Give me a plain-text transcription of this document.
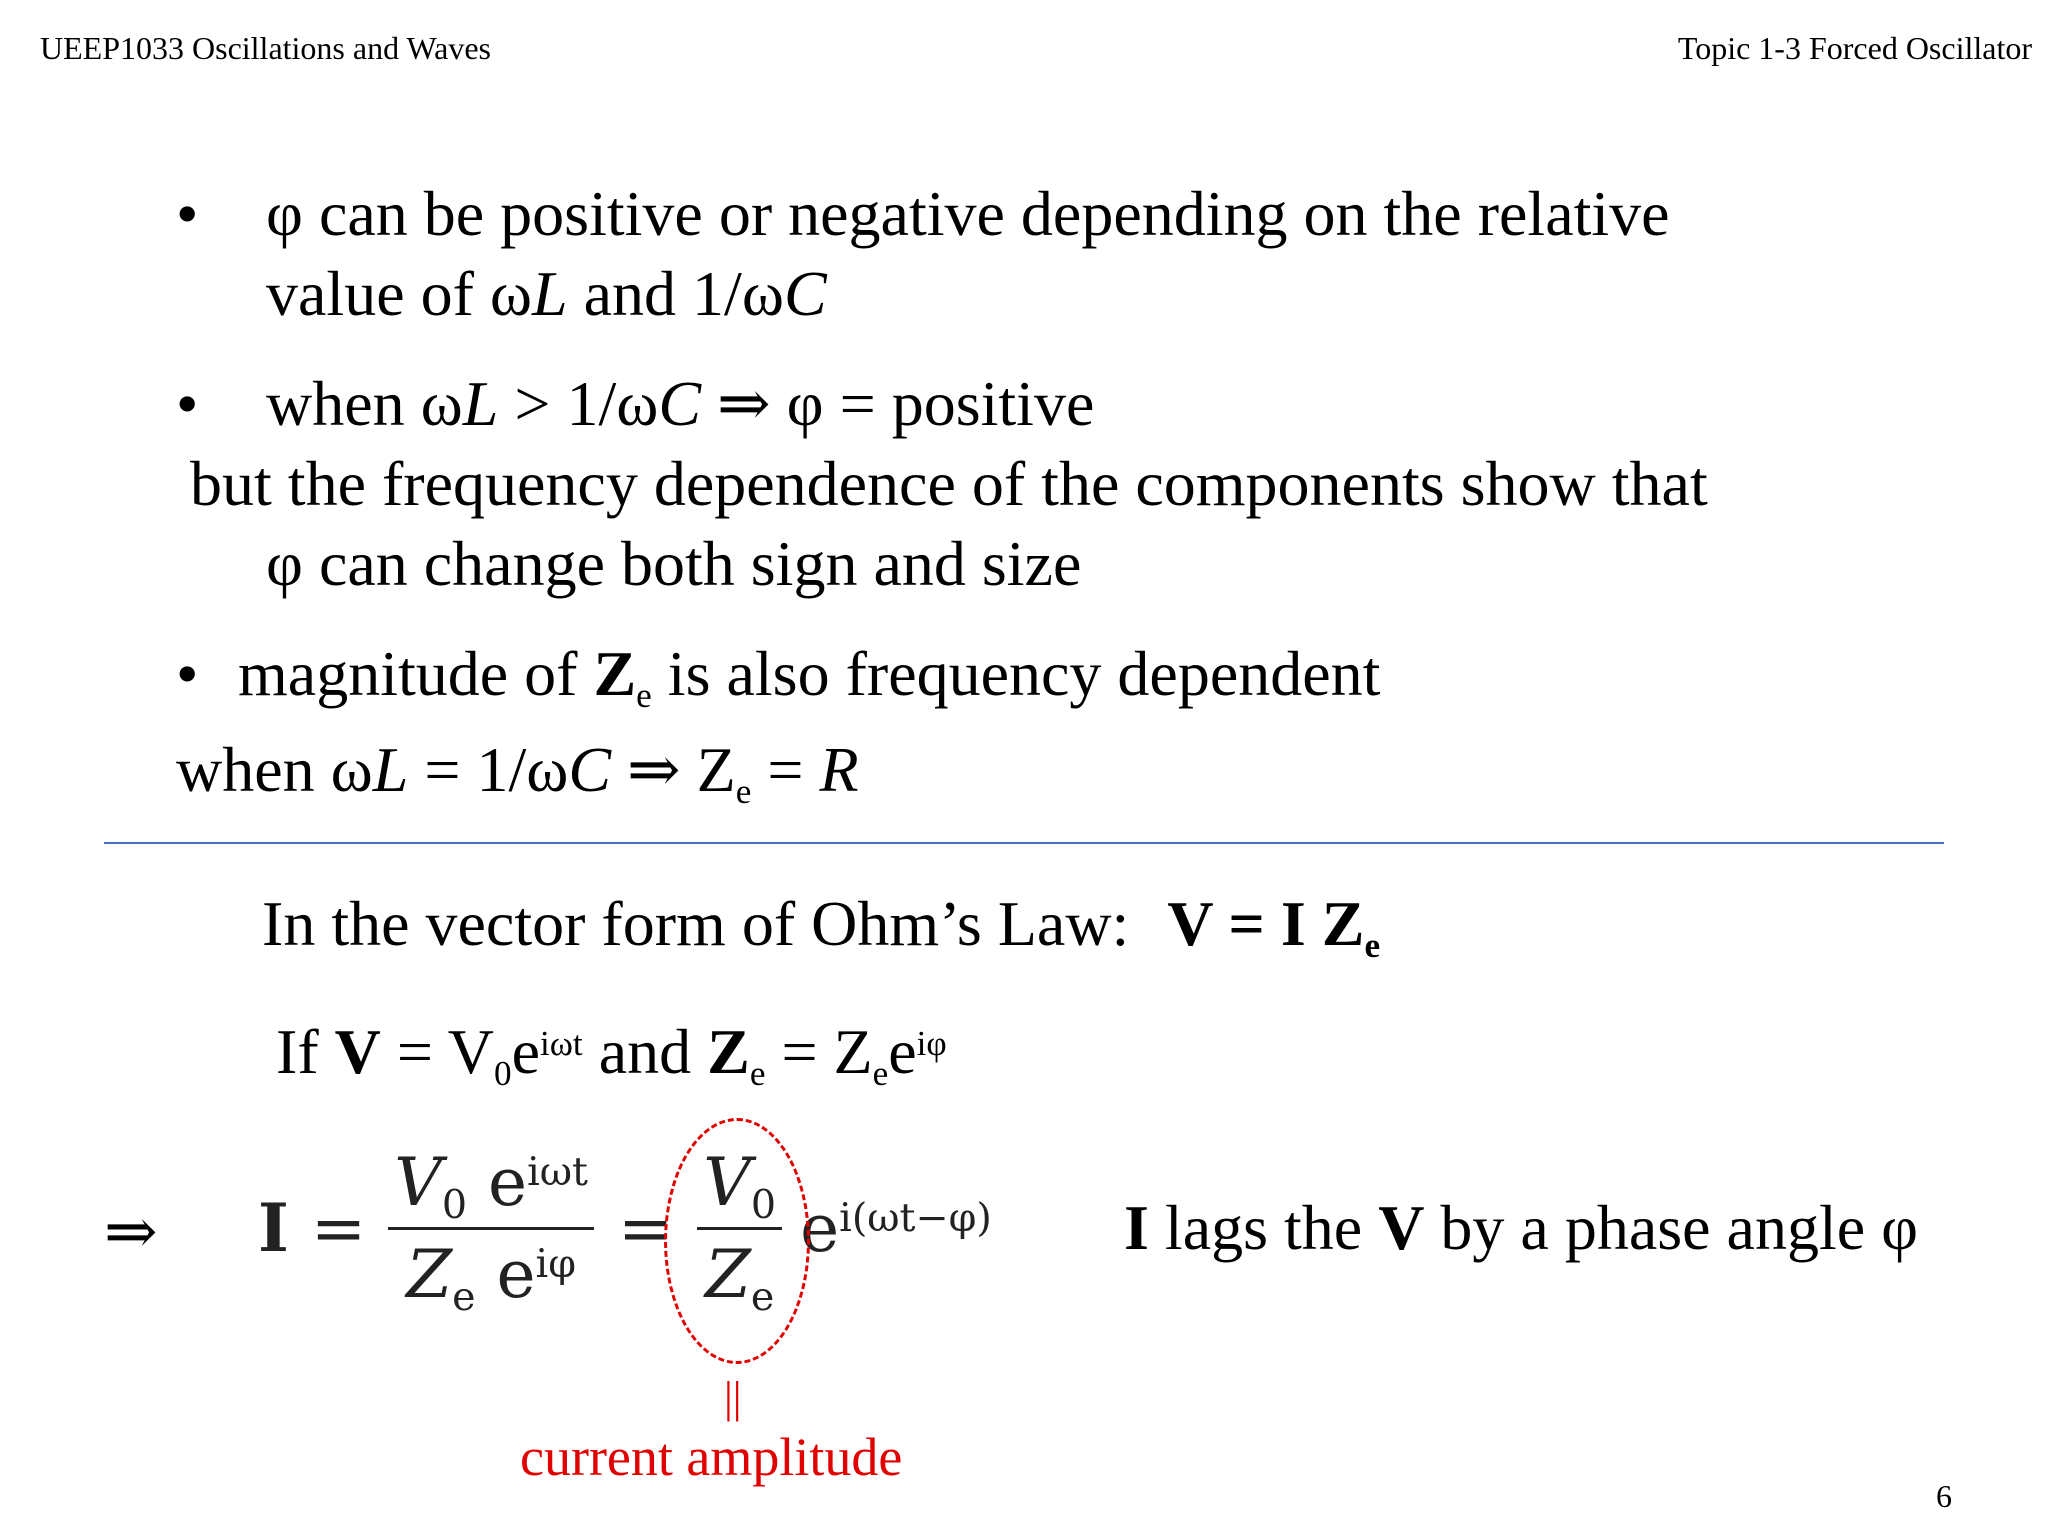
UEEP1033 Oscillations and Waves	Topic 1-3 Forced Oscillator
• φ can be positive or negative depending on the relative
value of ωL and 1/ωC
• when ωL > 1/ωC ⇒ φ = positive
but the frequency dependence of the components show that
φ can change both sign and size
• magnitude of $Z_e$ is also frequency dependent
when ωL = 1/ωC ⇒ $Z_e = R$
In the vector form of Ohm’s Law: V = I $Z_e$
If $V = V_0e^{i\omega t}$ and $Z_e = Z_ee^{i\varphi}$
⇒ $I = \frac{V_0 e^{i\omega t}}{Z_e e^{i\varphi}} = \frac{V_0}{Z_e} e^{i(\omega t-\varphi)}$ I lags the V by a phase angle φ
||
current amplitude
6
